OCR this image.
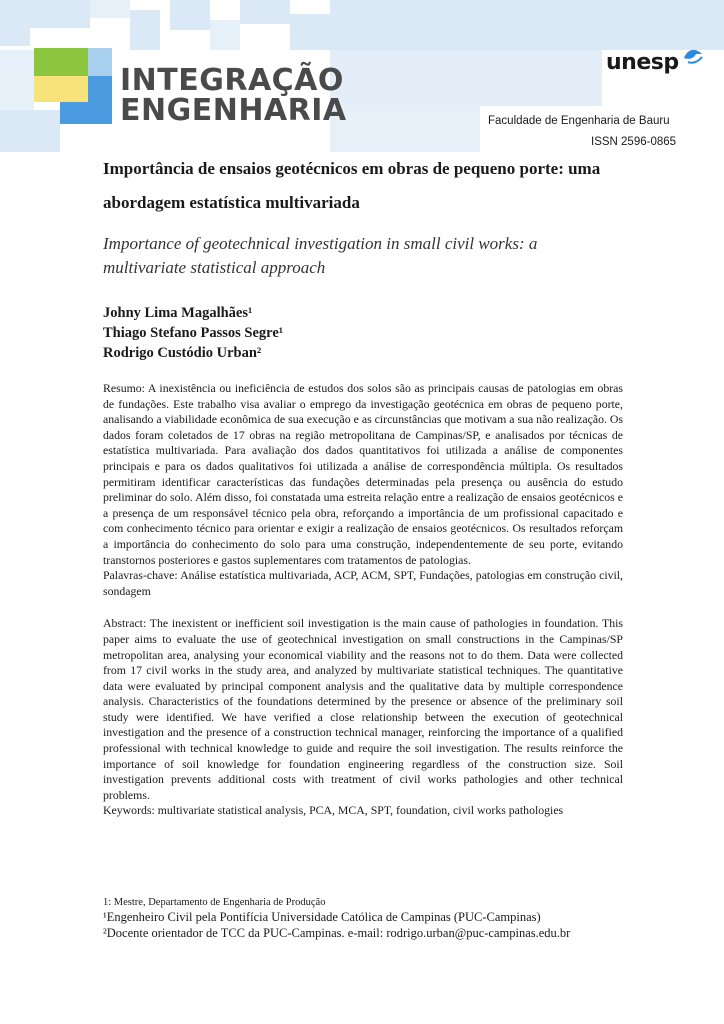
INTEGRAÇÃO
ENGENHARIA
unesp
Faculdade de Engenharia de Bauru
ISSN 2596-0865

Importância de ensaios geotécnicos em obras de pequeno porte: uma abordagem estatística multivariada

Importance of geotechnical investigation in small civil works: a multivariate statistical approach

Johny Lima Magalhães¹
Thiago Stefano Passos Segre¹
Rodrigo Custódio Urban²

Resumo: A inexistência ou ineficiência de estudos dos solos são as principais causas de patologias em obras de fundações. Este trabalho visa avaliar o emprego da investigação geotécnica em obras de pequeno porte, analisando a viabilidade econômica de sua execução e as circunstâncias que motivam a sua não realização. Os dados foram coletados de 17 obras na região metropolitana de Campinas/SP, e analisados por técnicas de estatística multivariada. Para avaliação dos dados quantitativos foi utilizada a análise de componentes principais e para os dados qualitativos foi utilizada a análise de correspondência múltipla. Os resultados permitiram identificar características das fundações determinadas pela presença ou ausência do estudo preliminar do solo. Além disso, foi constatada uma estreita relação entre a realização de ensaios geotécnicos e a presença de um responsável técnico pela obra, reforçando a importância de um profissional capacitado e com conhecimento técnico para orientar e exigir a realização de ensaios geotécnicos. Os resultados reforçam a importância do conhecimento do solo para uma construção, independentemente de seu porte, evitando transtornos posteriores e gastos suplementares com tratamentos de patologias.

Palavras-chave: Análise estatística multivariada, ACP, ACM, SPT, Fundações, patologias em construção civil, sondagem

Abstract: The inexistent or inefficient soil investigation is the main cause of pathologies in foundation. This paper aims to evaluate the use of geotechnical investigation on small constructions in the Campinas/SP metropolitan area, analysing your economical viability and the reasons not to do them. Data were collected from 17 civil works in the study area, and analyzed by multivariate statistical techniques. The quantitative data were evaluated by principal component analysis and the qualitative data by multiple correspondence analysis. Characteristics of the foundations determined by the presence or absence of the preliminary soil study were identified. We have verified a close relationship between the execution of geotechnical investigation and the presence of a construction technical manager, reinforcing the importance of a qualified professional with technical knowledge to guide and require the soil investigation. The results reinforce the importance of soil knowledge for foundation engineering regardless of the construction size. Soil investigation prevents additional costs with treatment of civil works pathologies and other technical problems.

Keywords: multivariate statistical analysis, PCA, MCA, SPT, foundation, civil works pathologies

1: Mestre, Departamento de Engenharia de Produção

¹Engenheiro Civil pela Pontifícia Universidade Católica de Campinas (PUC-Campinas)

²Docente orientador de TCC da PUC-Campinas. e-mail: rodrigo.urban@puc-campinas.edu.br
